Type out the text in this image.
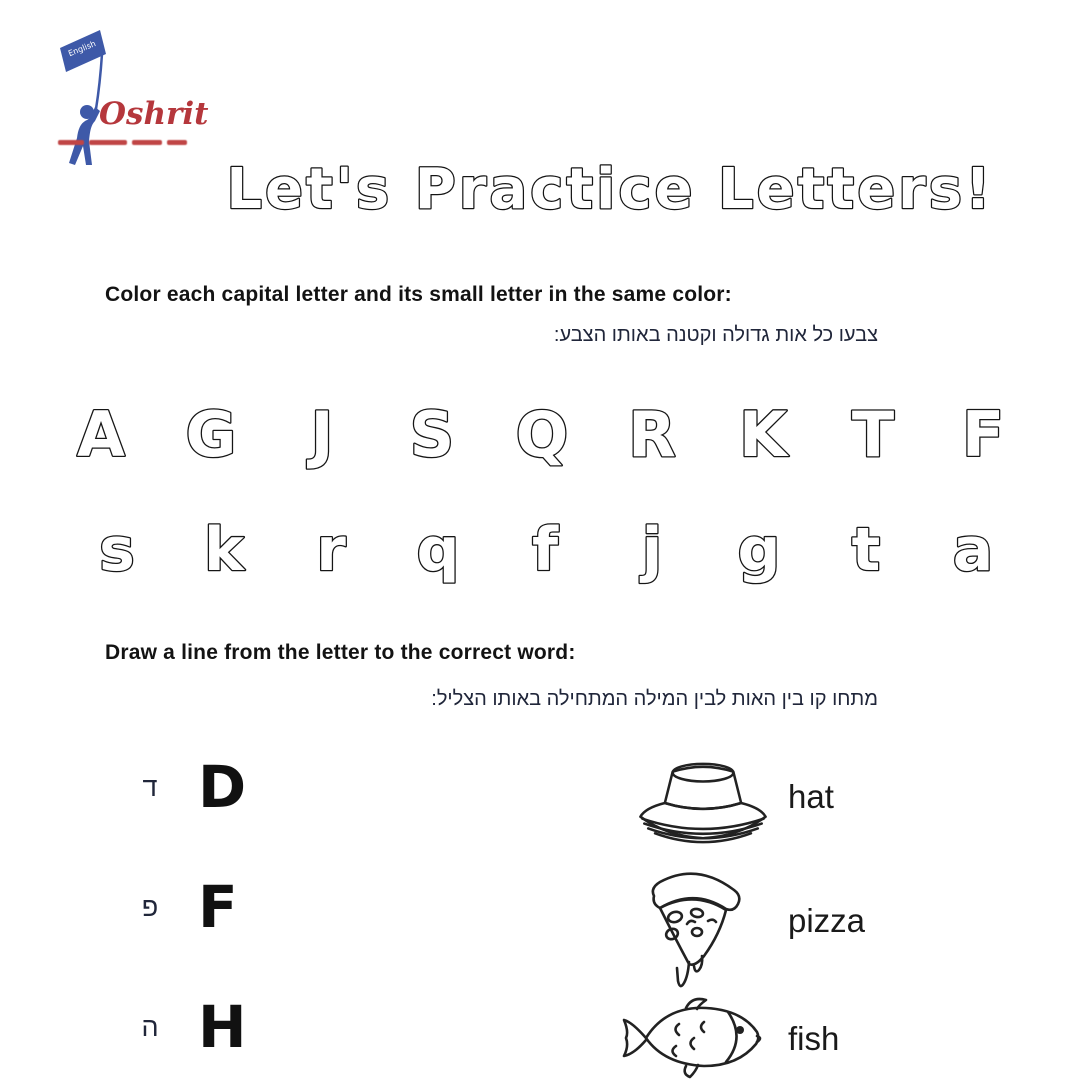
English
Oshrit
Let's Practice Letters!
Color each capital letter and its small letter in the same color:
צבעו כל אות גדולה וקטנה באותו הצבע:
A G J S Q R K T F
s k r q f j g t a
Draw a line from the letter to the correct word:
מתחו קו בין האות לבין המילה המתחילה באותו הצליל:
ד D
פ F
ה H
hat
pizza
fish
